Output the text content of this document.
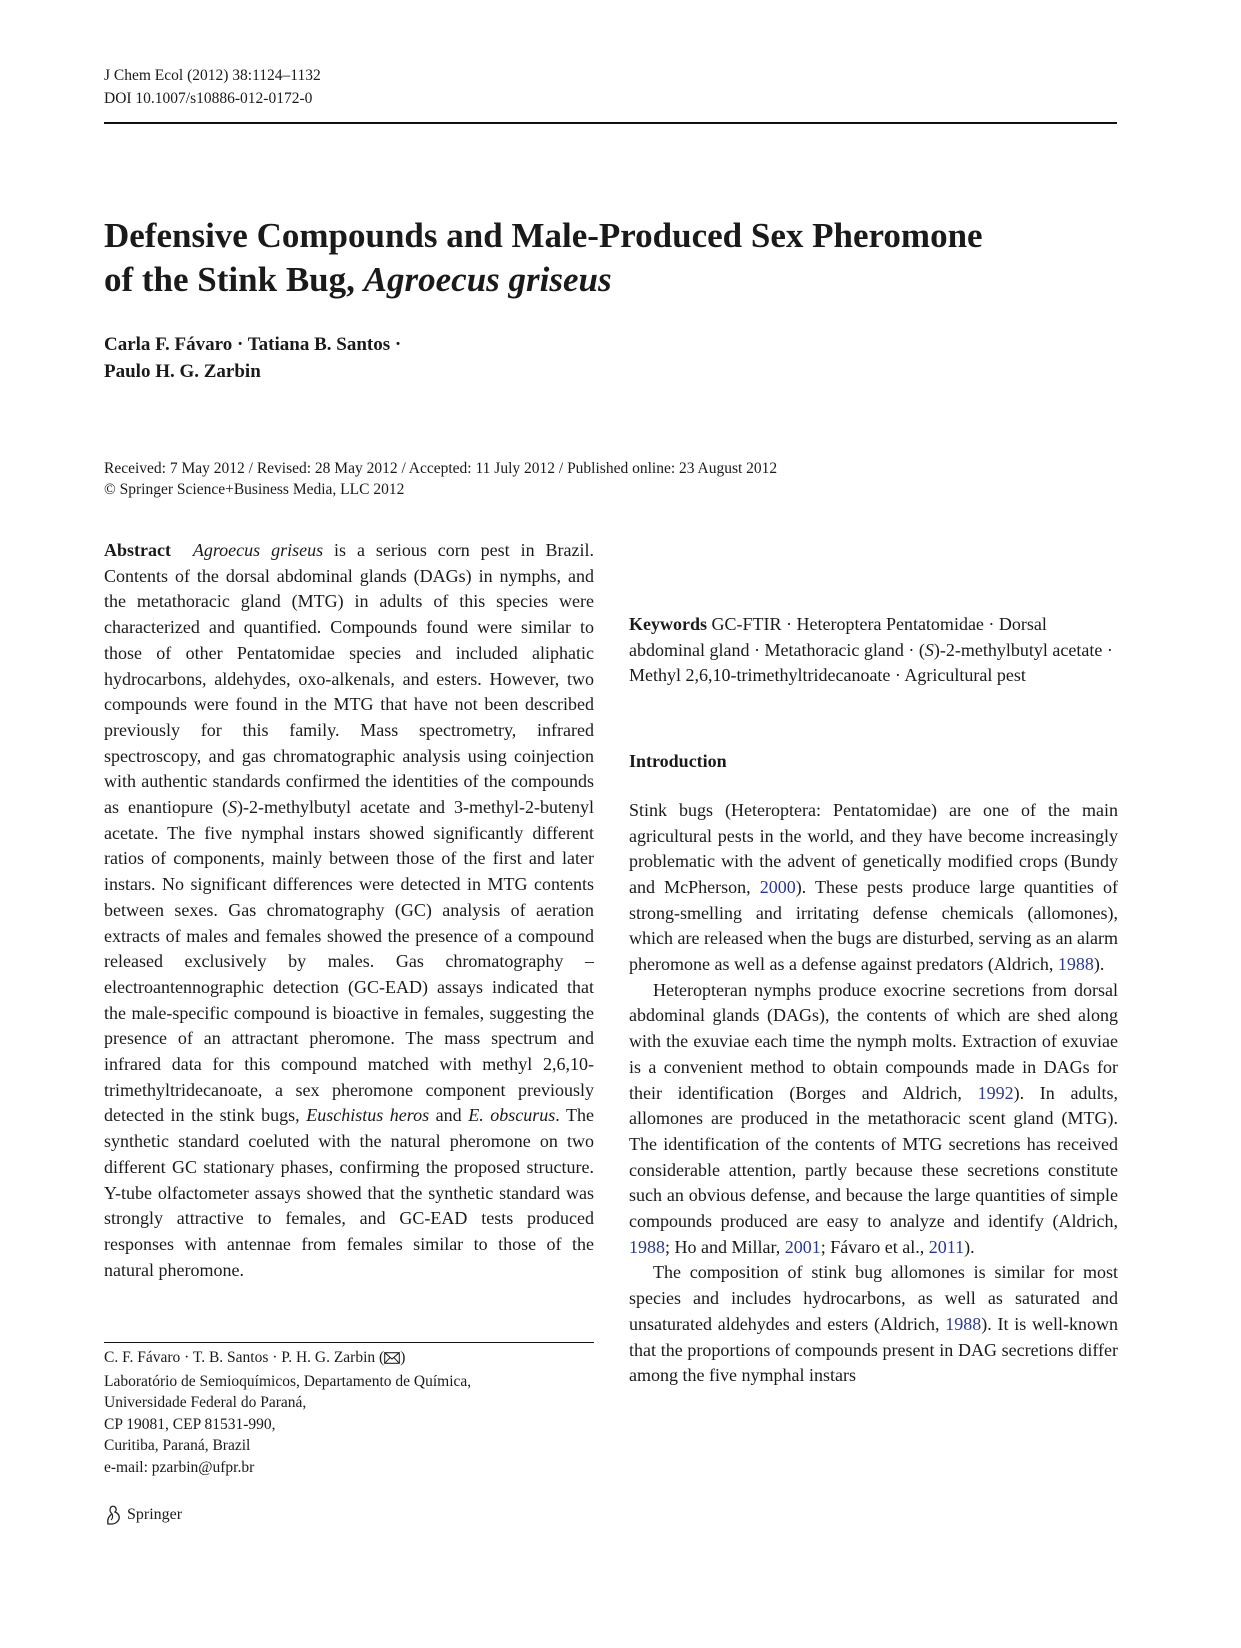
J Chem Ecol (2012) 38:1124–1132
DOI 10.1007/s10886-012-0172-0
Defensive Compounds and Male-Produced Sex Pheromone
of the Stink Bug, Agroecus griseus
Carla F. Fávaro · Tatiana B. Santos ·
Paulo H. G. Zarbin
Received: 7 May 2012 / Revised: 28 May 2012 / Accepted: 11 July 2012 / Published online: 23 August 2012
© Springer Science+Business Media, LLC 2012

Abstract Agroecus griseus is a serious corn pest in Brazil. Contents of the dorsal abdominal glands (DAGs) in nymphs, and the metathoracic gland (MTG) in adults of this species were characterized and quantified. Compounds found were similar to those of other Pentatomidae species and included aliphatic hydrocarbons, aldehydes, oxo-alkenals, and esters. However, two compounds were found in the MTG that have not been described previously for this family. Mass spectrometry, infrared spectroscopy, and gas chromatographic analysis using coinjection with authentic standards confirmed the identities of the compounds as enantiopure (S)-2-methylbutyl acetate and 3-methyl-2-butenyl acetate. The five nymphal instars showed significantly different ratios of components, mainly between those of the first and later instars. No significant differences were detected in MTG contents between sexes. Gas chromatography (GC) analysis of aeration extracts of males and females showed the presence of a compound released exclusively by males. Gas chromatography – electroantennographic detection (GC-EAD) assays indicated that the male-specific compound is bioactive in females, suggesting the presence of an attractant pheromone. The mass spectrum and infrared data for this compound matched with methyl 2,6,10-trimethyltridecanoate, a sex pheromone component previously detected in the stink bugs, Euschistus heros and E. obscurus. The synthetic standard coeluted with the natural pheromone on two different GC stationary phases, confirming the proposed structure. Y-tube olfactometer assays showed that the synthetic standard was strongly attractive to females, and GC-EAD tests produced responses with antennae from females similar to those of the natural pheromone.

Keywords GC-FTIR · Heteroptera Pentatomidae · Dorsal abdominal gland · Metathoracic gland · (S)-2-methylbutyl acetate · Methyl 2,6,10-trimethyltridecanoate · Agricultural pest

Introduction

Stink bugs (Heteroptera: Pentatomidae) are one of the main agricultural pests in the world, and they have become increasingly problematic with the advent of genetically modified crops (Bundy and McPherson, 2000). These pests produce large quantities of strong-smelling and irritating defense chemicals (allomones), which are released when the bugs are disturbed, serving as an alarm pheromone as well as a defense against predators (Aldrich, 1988).

Heteropteran nymphs produce exocrine secretions from dorsal abdominal glands (DAGs), the contents of which are shed along with the exuviae each time the nymph molts. Extraction of exuviae is a convenient method to obtain compounds made in DAGs for their identification (Borges and Aldrich, 1992). In adults, allomones are produced in the metathoracic scent gland (MTG). The identification of the contents of MTG secretions has received considerable attention, partly because these secretions constitute such an obvious defense, and because the large quantities of simple compounds produced are easy to analyze and identify (Aldrich, 1988; Ho and Millar, 2001; Fávaro et al., 2011).

The composition of stink bug allomones is similar for most species and includes hydrocarbons, as well as saturated and unsaturated aldehydes and esters (Aldrich, 1988). It is well-known that the proportions of compounds present in DAG secretions differ among the five nymphal instars

C. F. Fávaro · T. B. Santos · P. H. G. Zarbin ( )
Laboratório de Semioquímicos, Departamento de Química,
Universidade Federal do Paraná,
CP 19081, CEP 81531-990,
Curitiba, Paraná, Brazil
e-mail: pzarbin@ufpr.br
Springer
